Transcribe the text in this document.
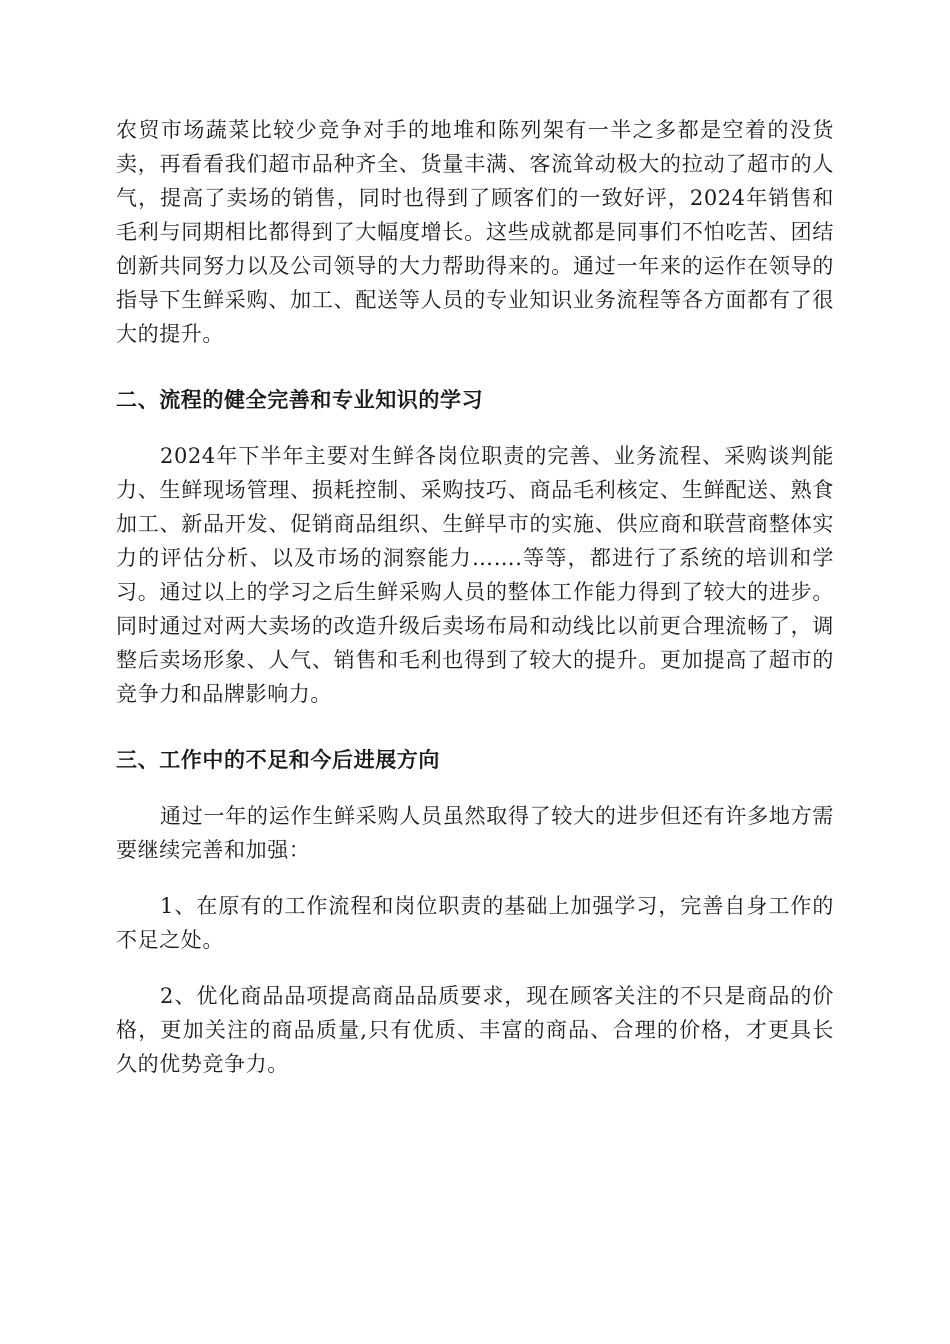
农贸市场蔬菜比较少竞争对手的地堆和陈列架有一半之多都是空着的没货卖，再看看我们超市品种齐全、货量丰满、客流耸动极大的拉动了超市的人气，提高了卖场的销售，同时也得到了顾客们的一致好评，2024年销售和毛利与同期相比都得到了大幅度增长。这些成就都是同事们不怕吃苦、团结创新共同努力以及公司领导的大力帮助得来的。通过一年来的运作在领导的指导下生鲜采购、加工、配送等人员的专业知识业务流程等各方面都有了很大的提升。

二、流程的健全完善和专业知识的学习

2024年下半年主要对生鲜各岗位职责的完善、业务流程、采购谈判能力、生鲜现场管理、损耗控制、采购技巧、商品毛利核定、生鲜配送、熟食加工、新品开发、促销商品组织、生鲜早市的实施、供应商和联营商整体实力的评估分析、以及市场的洞察能力…….等等，都进行了系统的培训和学习。通过以上的学习之后生鲜采购人员的整体工作能力得到了较大的进步。同时通过对两大卖场的改造升级后卖场布局和动线比以前更合理流畅了，调整后卖场形象、人气、销售和毛利也得到了较大的提升。更加提高了超市的竞争力和品牌影响力。

三、工作中的不足和今后进展方向

通过一年的运作生鲜采购人员虽然取得了较大的进步但还有许多地方需要继续完善和加强：

1、在原有的工作流程和岗位职责的基础上加强学习，完善自身工作的不足之处。

2、优化商品品项提高商品品质要求，现在顾客关注的不只是商品的价格，更加关注的商品质量,只有优质、丰富的商品、合理的价格，才更具长久的优势竞争力。
